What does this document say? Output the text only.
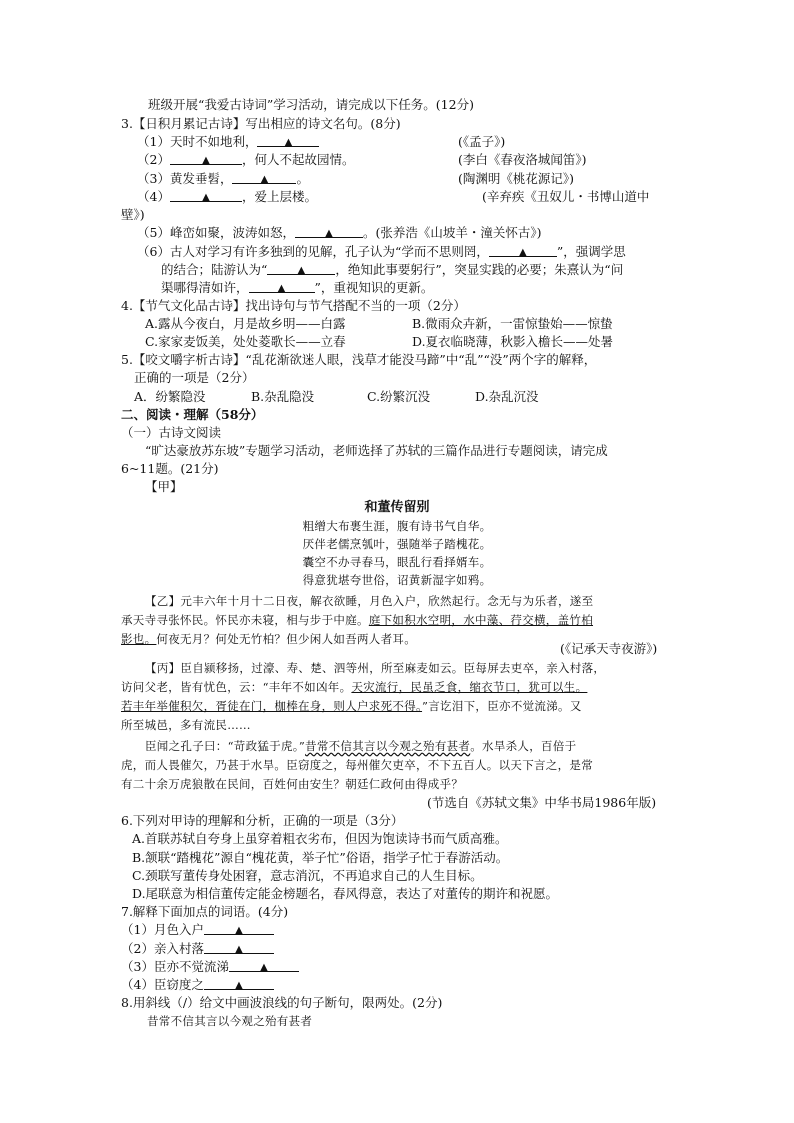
班级开展“我爱古诗词”学习活动，请完成以下任务。(12分)
3.【日积月累记古诗】写出相应的诗文名句。(8分)
（1）天时不如地利，	▲	(《孟子》)
（2）	▲	，何人不起故园情。	(李白《春夜洛城闻笛》)
（3）黄发垂髫，	▲ 。	(陶渊明《桃花源记》)
（4）	▲	，爱上层楼。	(辛弃疾《丑奴儿・书博山道中
壁》)
（5）峰峦如聚，波涛如怒，	▲ 。(张养浩《山坡羊・潼关怀古》)
（6）古人对学习有许多独到的见解，孔子认为“学而不思则罔，	▲ ”，强调学思
的结合；陆游认为“	▲ ，绝知此事要躬行”，突显实践的必要；朱熹认为“问
渠哪得清如许，	▲ ”，重视知识的更新。
4.【节气文化品古诗】找出诗句与节气搭配不当的一项（2分）
A.露从今夜白，月是故乡明——白露	B.微雨众卉新，一雷惊蛰始——惊蛰
C.家家麦饭美，处处菱歌长——立春	D.夏衣临晓薄，秋影入檐长——处暑
5.【咬文嚼字析古诗】“乱花渐欲迷人眼，浅草才能没马蹄”中“乱”“没”两个字的解释，
正确的一项是（2分）
A．纷繁隐没	B.杂乱隐没	C.纷繁沉没	D.杂乱沉没
二、阅读・理解（58分）
（一）古诗文阅读
“旷达豪放苏东坡”专题学习活动，老师选择了苏轼的三篇作品进行专题阅读，请完成
6~11题。(21分)
【甲】
和董传留别
粗缯大布裹生涯，腹有诗书气自华。
厌伴老儒烹瓠叶，强随举子踏槐花。
囊空不办寻春马，眼乱行看择婿车。
得意犹堪夸世俗，诏黄新湿字如鸦。
【乙】元丰六年十月十二日夜，解衣欲睡，月色入户，欣然起行。念无与为乐者，遂至
承天寺寻张怀民。怀民亦未寝，相与步于中庭。庭下如积水空明，水中藻、荇交横，盖竹柏
影也。何夜无月？何处无竹柏？但少闲人如吾两人者耳。
(《记承天寺夜游》)
【丙】臣自颍移扬，过濠、寿、楚、泗等州，所至麻麦如云。臣每屏去吏卒，亲入村落，
访问父老，皆有忧色，云：“丰年不如凶年。天灾流行，民虽乏食，缩衣节口，犹可以生。
若丰年举催积欠，胥徒在门，枷棒在身，则人户求死不得。”言讫泪下，臣亦不觉流涕。又
所至城邑，多有流民……
臣闻之孔子曰：“苛政猛于虎。”昔常不信其言以今观之殆有甚者。水旱杀人，百倍于
虎，而人畏催欠，乃甚于水旱。臣窃度之，每州催欠吏卒，不下五百人。以天下言之，是常
有二十余万虎狼散在民间，百姓何由安生？朝廷仁政何由得成乎？
(节选自《苏轼文集》中华书局1986年版)
6.下列对甲诗的理解和分析，正确的一项是（3分）
A.首联苏轼自夸身上虽穿着粗衣劣布，但因为饱读诗书而气质高雅。
B.颔联“踏槐花”源自“槐花黄，举子忙”俗语，指学子忙于春游活动。
C.颈联写董传身处困窘，意志消沉，不再追求自己的人生目标。
D.尾联意为相信董传定能金榜题名，春风得意，表达了对董传的期许和祝愿。
7.解释下面加点的词语。(4分)
（1）月色入户	▲
（2）亲入村落	▲
（3）臣亦不觉流涕	▲
（4）臣窃度之	▲
8.用斜线（/）给文中画波浪线的句子断句，限两处。(2分)
昔常不信其言以今观之殆有甚者
